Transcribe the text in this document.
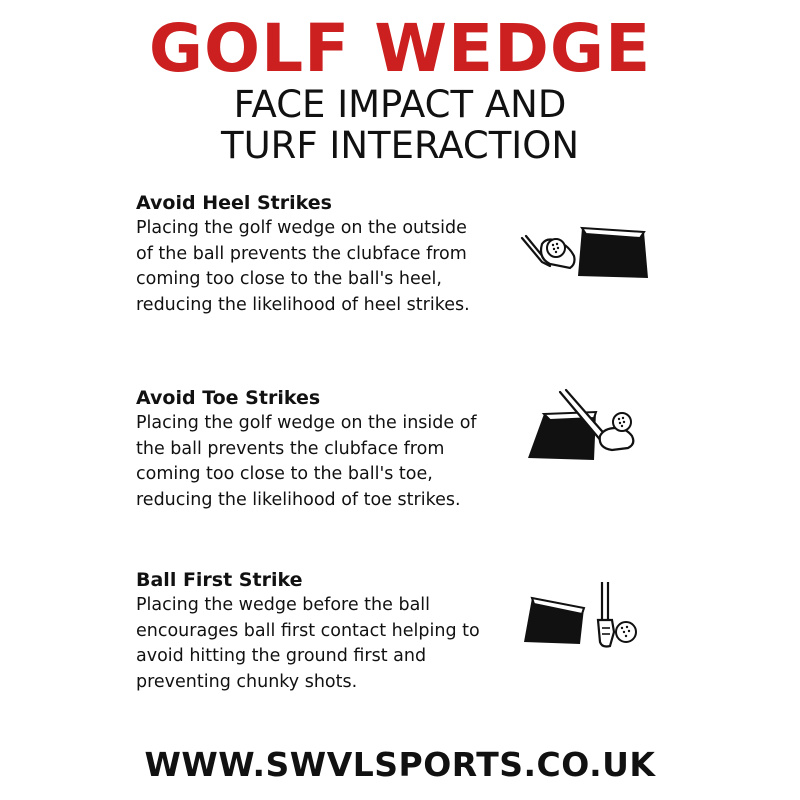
GOLF WEDGE
FACE IMPACT AND
TURF INTERACTION
Avoid Heel Strikes

Placing the golf wedge on the outside
of the ball prevents the clubface from
coming too close to the ball's heel,
reducing the likelihood of heel strikes.

Avoid Toe Strikes

Placing the golf wedge on the inside of
the ball prevents the clubface from
coming too close to the ball's toe,
reducing the likelihood of toe strikes.

Ball First Strike

Placing the wedge before the ball
encourages ball first contact helping to
avoid hitting the ground first and
preventing chunky shots.

WWW.SWVLSPORTS.CO.UK
